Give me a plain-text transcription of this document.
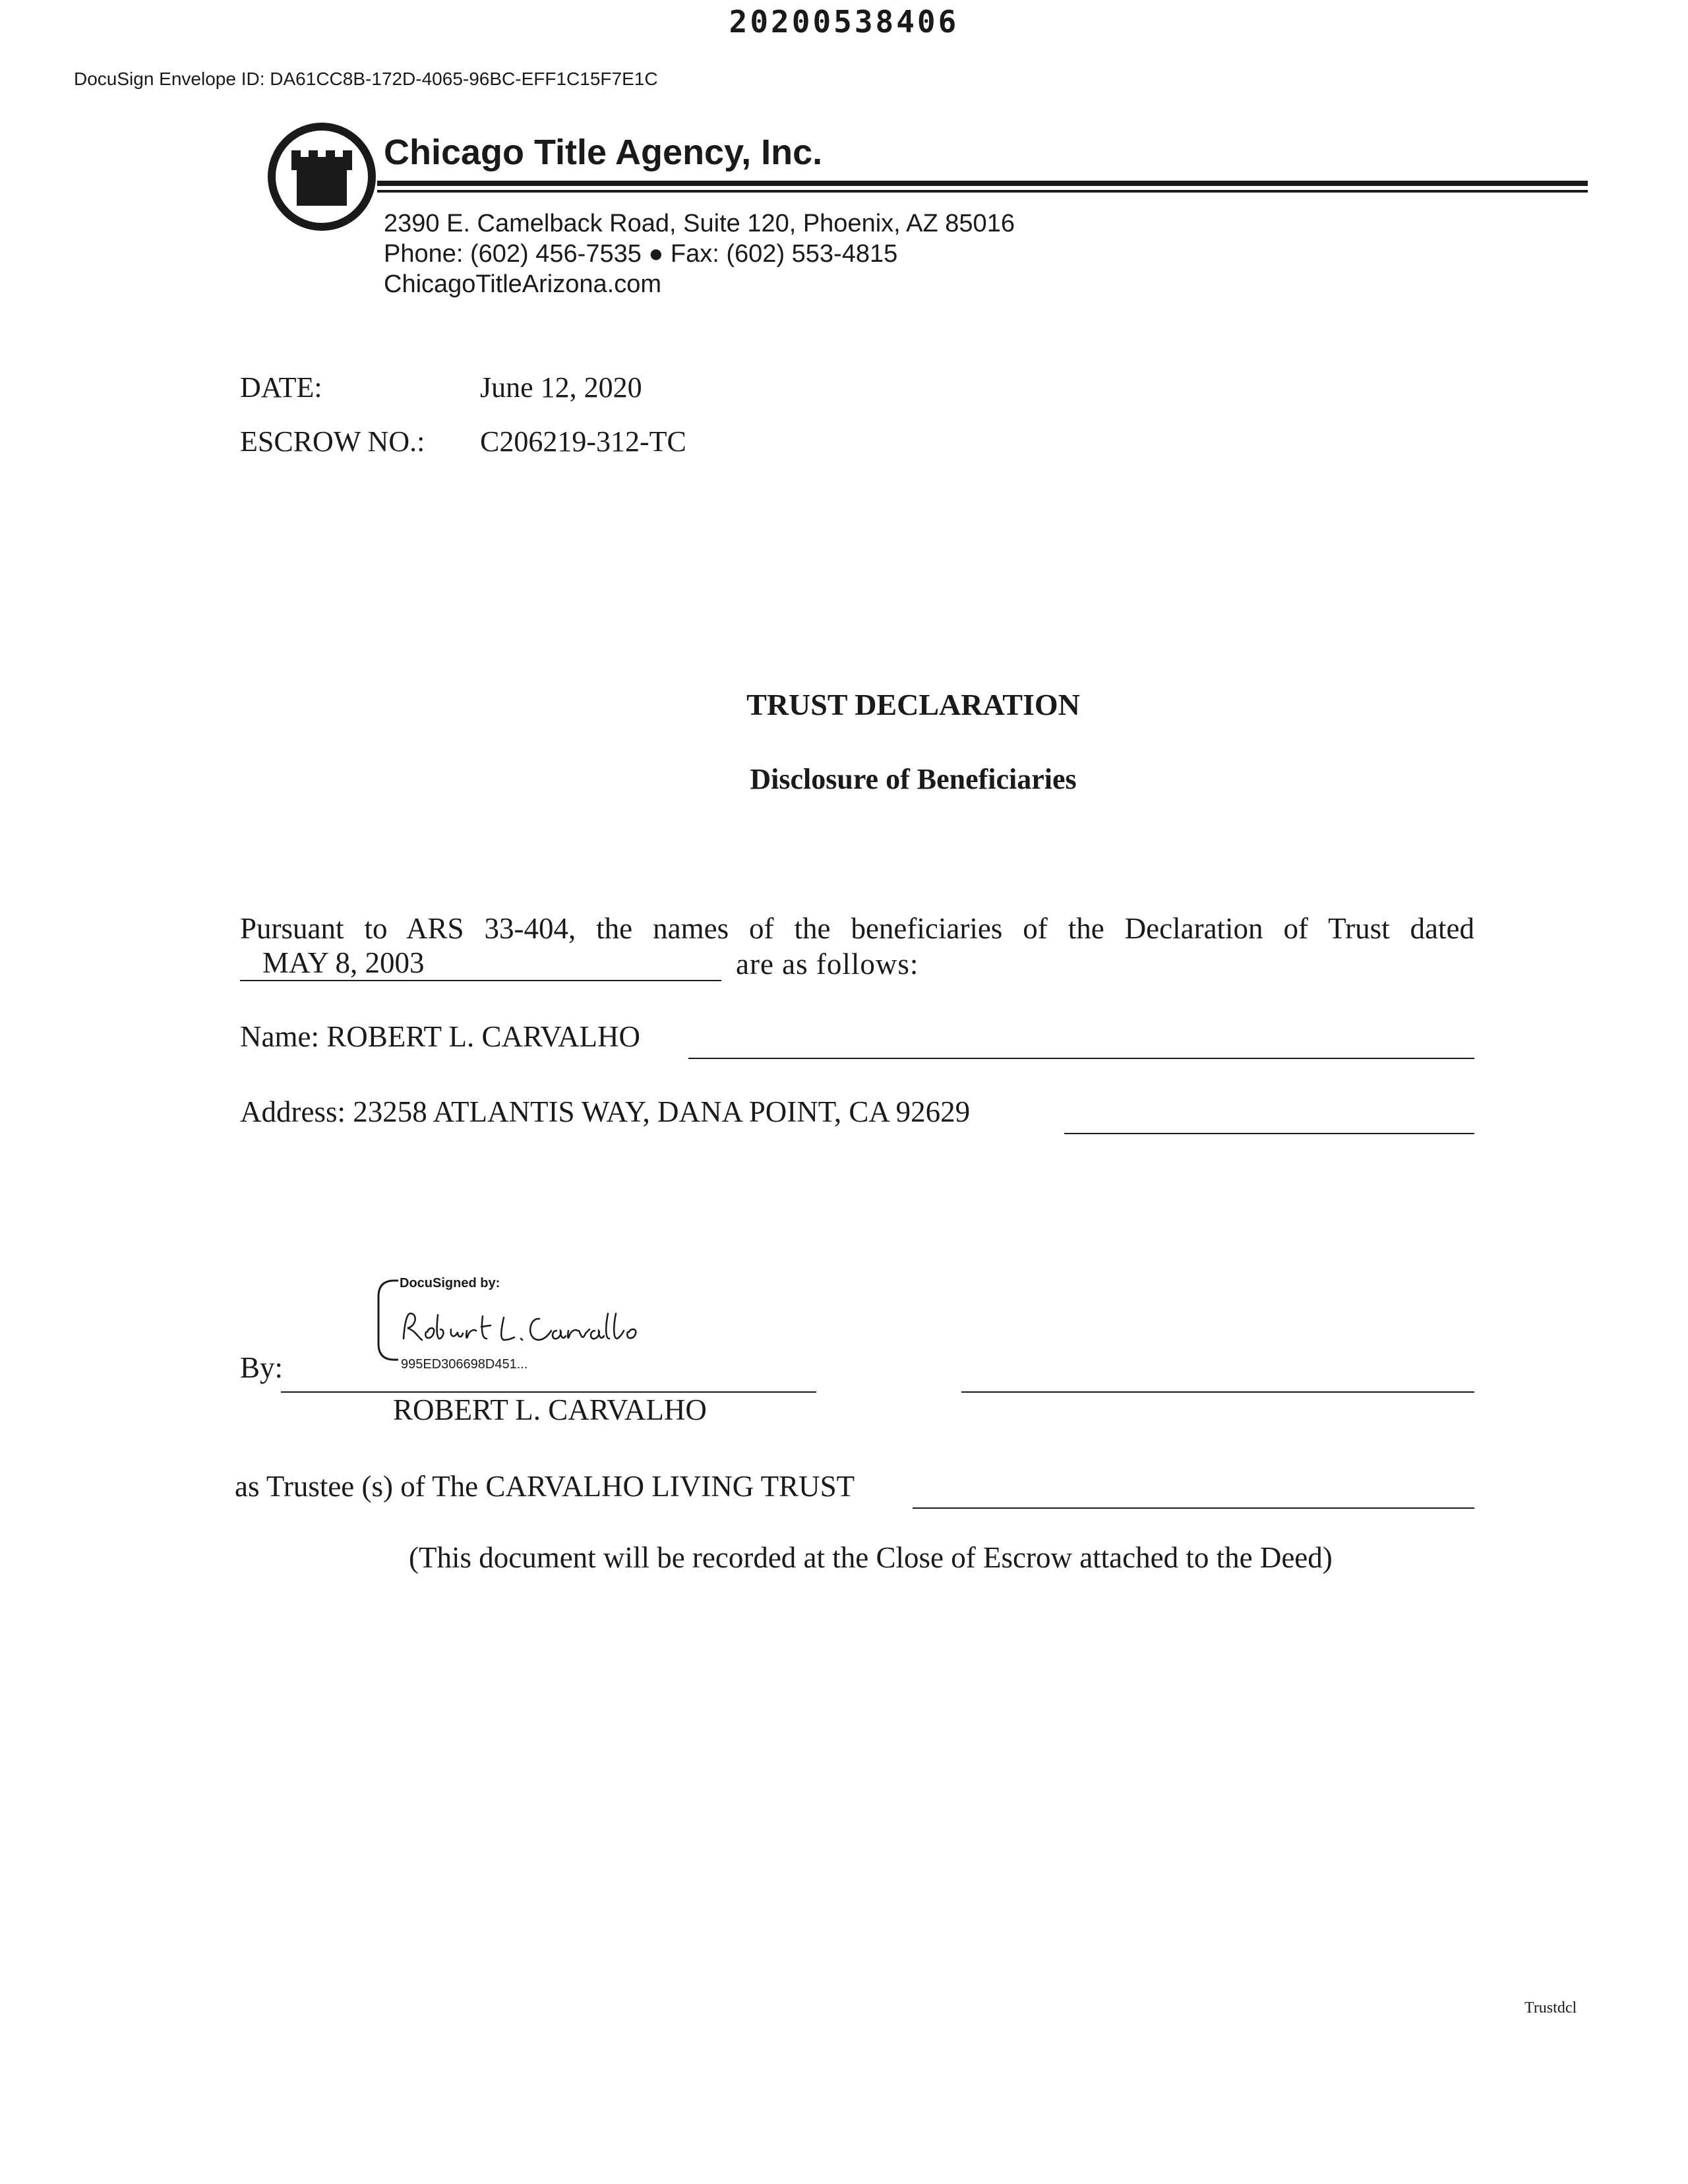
20200538406
DocuSign Envelope ID: DA61CC8B-172D-4065-96BC-EFF1C15F7E1C
Chicago Title Agency, Inc.
2390 E. Camelback Road, Suite 120, Phoenix, AZ 85016
Phone: (602) 456-7535 ● Fax: (602) 553-4815
ChicagoTitleArizona.com
DATE:	June 12, 2020
ESCROW NO.: C206219-312-TC
TRUST DECLARATION
Disclosure of Beneficiaries
Pursuant to ARS 33-404, the names of the beneficiaries of the Declaration of Trust dated
MAY 8, 2003	are as follows:
Name: ROBERT L. CARVALHO
Address: 23258 ATLANTIS WAY, DANA POINT, CA 92629
DocuSigned by:
995ED306698D451...
By:
ROBERT L. CARVALHO
as Trustee (s) of The CARVALHO LIVING TRUST
(This document will be recorded at the Close of Escrow attached to the Deed)
Trustdcl
